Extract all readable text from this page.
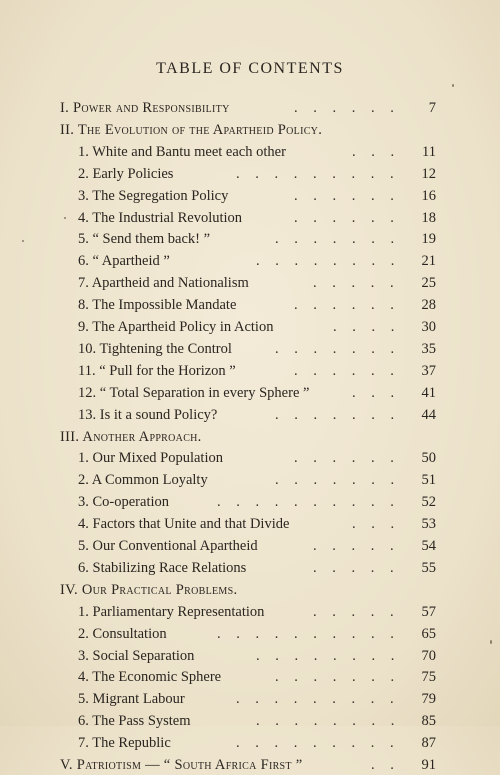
TABLE OF CONTENTS
I. Power and Responsibility	. . . . . .	7
II. The Evolution of the Apartheid Policy.
1. White and Bantu meet each other	. . .	11
2. Early Policies	. . . . . . . . .	12
3. The Segregation Policy	. . . . . .	16
4. The Industrial Revolution	. . . . . .	18
5. “ Send them back! ”	. . . . . . .	19
6. “ Apartheid ”	. . . . . . . .	21
7. Apartheid and Nationalism	. . . . .	25
8. The Impossible Mandate	. . . . . .	28
9. The Apartheid Policy in Action	. . . .	30
10. Tightening the Control	. . . . . . .	35
11. “ Pull for the Horizon ”	. . . . . .	37
12. “ Total Separation in every Sphere ”	. . .	41
13. Is it a sound Policy?	. . . . . . .	44
III. Another Approach.
1. Our Mixed Population	. . . . . .	50
2. A Common Loyalty	. . . . . . .	51
3. Co-operation	. . . . . . . . . .	52
4. Factors that Unite and that Divide	. . .	53
5. Our Conventional Apartheid	. . . . .	54
6. Stabilizing Race Relations	. . . . .	55
IV. Our Practical Problems.
1. Parliamentary Representation	. . . . .	57
2. Consultation	. . . . . . . . . .	65
3. Social Separation	. . . . . . . .	70
4. The Economic Sphere	. . . . . . .	75
5. Migrant Labour	. . . . . . . . .	79
6. The Pass System	. . . . . . . .	85
7. The Republic	. . . . . . . . .	87
V. Patriotism — “ South Africa First ”	. .	91
